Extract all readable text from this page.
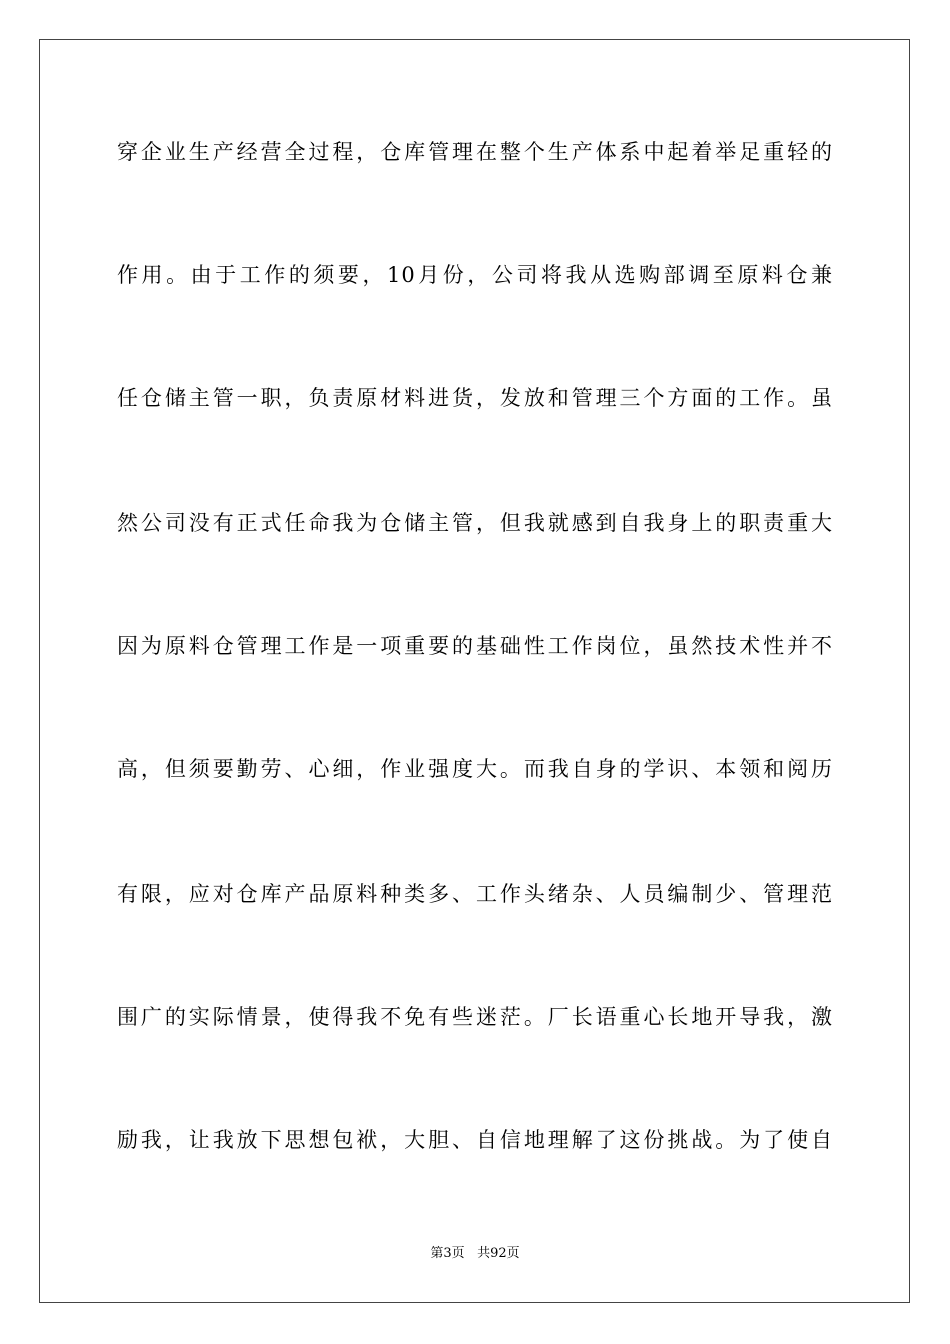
穿企业生产经营全过程，仓库管理在整个生产体系中起着举足重轻的
作用。由于工作的须要，10月份，公司将我从选购部调至原料仓兼
任仓储主管一职，负责原材料进货，发放和管理三个方面的工作。虽
然公司没有正式任命我为仓储主管，但我就感到自我身上的职责重大
因为原料仓管理工作是一项重要的基础性工作岗位，虽然技术性并不
高，但须要勤劳、心细，作业强度大。而我自身的学识、本领和阅历
有限，应对仓库产品原料种类多、工作头绪杂、人员编制少、管理范
围广的实际情景，使得我不免有些迷茫。厂长语重心长地开导我，激
励我，让我放下思想包袱，大胆、自信地理解了这份挑战。为了使自
第3页 共92页
